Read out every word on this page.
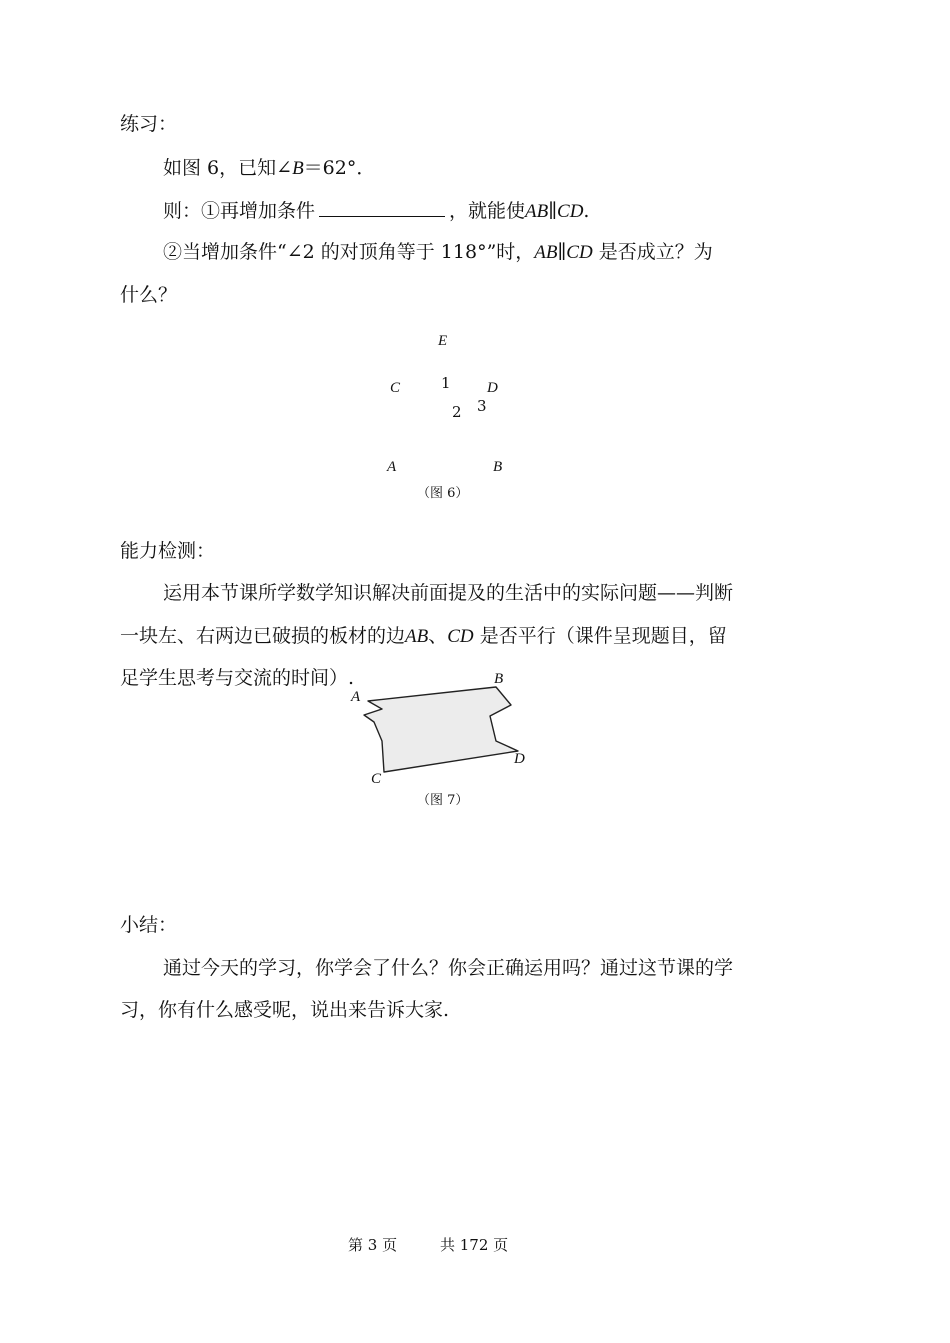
练习：
如图 6，已知∠B＝62°．
则：①再增加条件	，就能使AB∥CD.
②当增加条件“∠2 的对顶角等于 118°”时，AB∥CD 是否成立？为
什么？
E
C	1 D
2 3
A	B
（图 6）
能力检测：
运用本节课所学数学知识解决前面提及的生活中的实际问题——判断
一块左、右两边已破损的板材的边AB、CD 是否平行（课件呈现题目，留
足学生思考与交流的时间）.
A
B
C
D
（图 7）
小结：
通过今天的学习，你学会了什么？你会正确运用吗？通过这节课的学
习，你有什么感受呢，说出来告诉大家.
第 3 页	共 172 页
